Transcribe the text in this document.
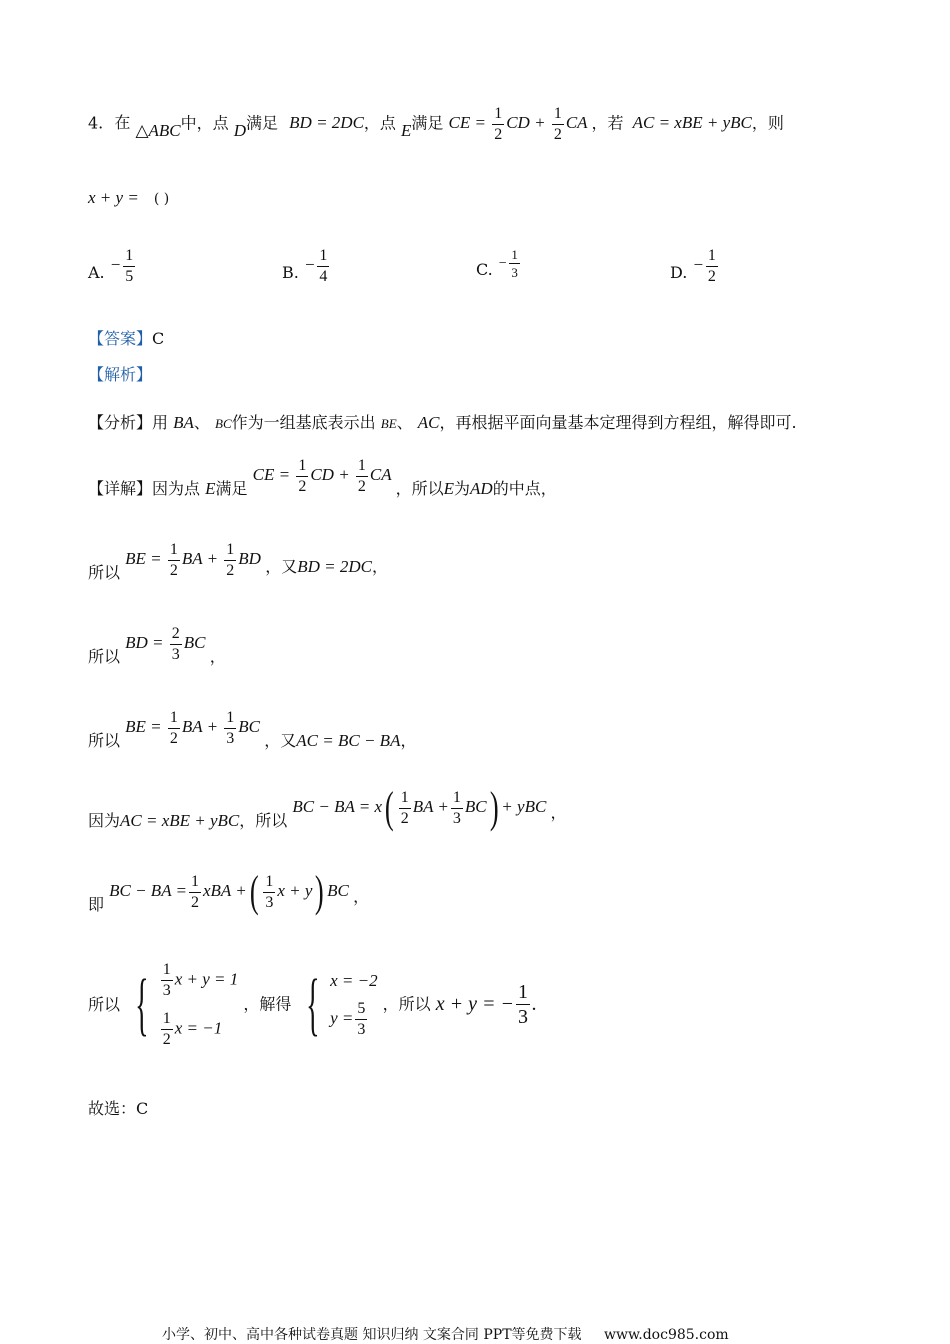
4. 在 △ABC中，点 D满足 BD = 2DC，点 E满足 CE = $\frac{1}{2}$ CD + $\frac{1}{2}$ CA ，若 AC = xBE + yBC，则
x + y = ( )
A. − $\frac{1}{5}$	B. − $\frac{1}{4}$	C. − $\frac{1}{3}$	D. − $\frac{1}{2}$
【答案】C
【解析】
【分析】用 BA、 BC作为一组基底表示出 BE、 AC，再根据平面向量基本定理得到方程组，解得即可.
【详解】因为点 E满足 CE = $\frac{1}{2}$ CD + $\frac{1}{2}$ CA ，所以E为AD的中点，
所以 BE = $\frac{1}{2}$ BA + $\frac{1}{2}$ BD ，又BD = 2DC，
所以 BD = $\frac{2}{3}$ BC ，
所以 BE = $\frac{1}{2}$ BA + $\frac{1}{3}$ BC ，又AC = BC − BA，
因为AC = xBE + yBC，所以 BC − BA = $x( \frac{1}{2}$ BA + $\frac{1}{3} BC$) + yBC ，
即 BC − BA = $\frac{1}{2}$ xBA +( $\frac{1}{3}$ x + y) BC ，
所以 { $\frac{1}{3}$ x + y = 1
$\frac{1}{2}$ x = −1
，解得 { x = −2
$y = \frac{5}{3}$ ，所以 x + y = − $\frac{1}{3}$ .
故选：C
小学、初中、高中各种试卷真题 知识归纳 文案合同 PPT等免费下载 www.doc985.com
